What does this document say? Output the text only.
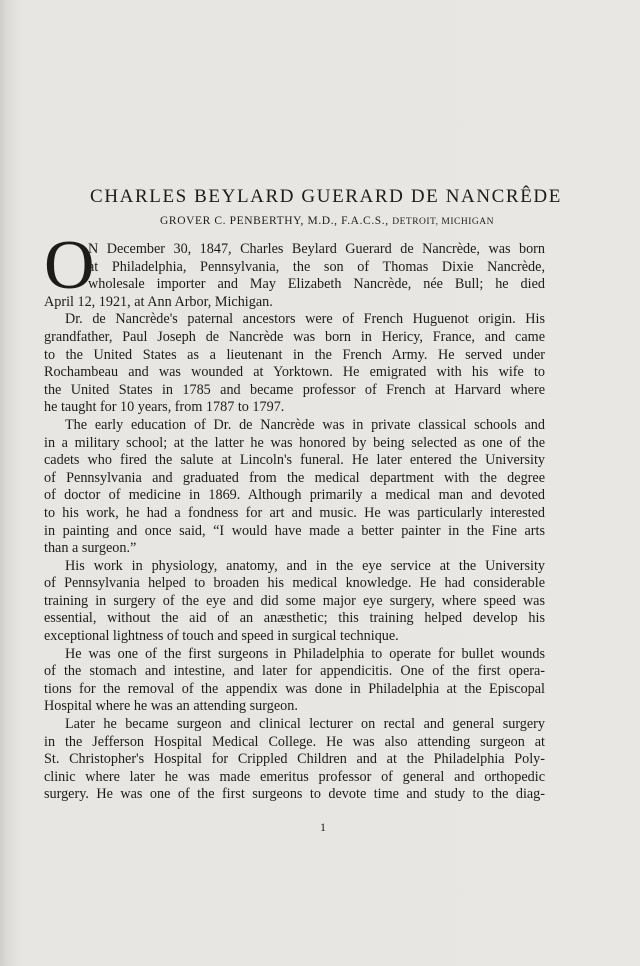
CHARLES BEYLARD GUERARD DE NANCRÊDE
GROVER C. PENBERTHY, M.D., F.A.C.S., DETROIT, MICHIGAN
O
N December 30, 1847, Charles Beylard Guerard de Nancrède, was born
at Philadelphia, Pennsylvania, the son of Thomas Dixie Nancrède,
wholesale importer and May Elizabeth Nancrède, née Bull; he died
April 12, 1921, at Ann Arbor, Michigan.
Dr. de Nancrède's paternal ancestors were of French Huguenot origin. His
grandfather, Paul Joseph de Nancrède was born in Hericy, France, and came
to the United States as a lieutenant in the French Army. He served under
Rochambeau and was wounded at Yorktown. He emigrated with his wife to
the United States in 1785 and became professor of French at Harvard where
he taught for 10 years, from 1787 to 1797.
The early education of Dr. de Nancrède was in private classical schools and
in a military school; at the latter he was honored by being selected as one of the
cadets who fired the salute at Lincoln's funeral. He later entered the University
of Pennsylvania and graduated from the medical department with the degree
of doctor of medicine in 1869. Although primarily a medical man and devoted
to his work, he had a fondness for art and music. He was particularly interested
in painting and once said, “I would have made a better painter in the Fine arts
than a surgeon.”
His work in physiology, anatomy, and in the eye service at the University
of Pennsylvania helped to broaden his medical knowledge. He had considerable
training in surgery of the eye and did some major eye surgery, where speed was
essential, without the aid of an anæsthetic; this training helped develop his
exceptional lightness of touch and speed in surgical technique.
He was one of the first surgeons in Philadelphia to operate for bullet wounds
of the stomach and intestine, and later for appendicitis. One of the first opera-
tions for the removal of the appendix was done in Philadelphia at the Episcopal
Hospital where he was an attending surgeon.
Later he became surgeon and clinical lecturer on rectal and general surgery
in the Jefferson Hospital Medical College. He was also attending surgeon at
St. Christopher's Hospital for Crippled Children and at the Philadelphia Poly-
clinic where later he was made emeritus professor of general and orthopedic
surgery. He was one of the first surgeons to devote time and study to the diag-
1
